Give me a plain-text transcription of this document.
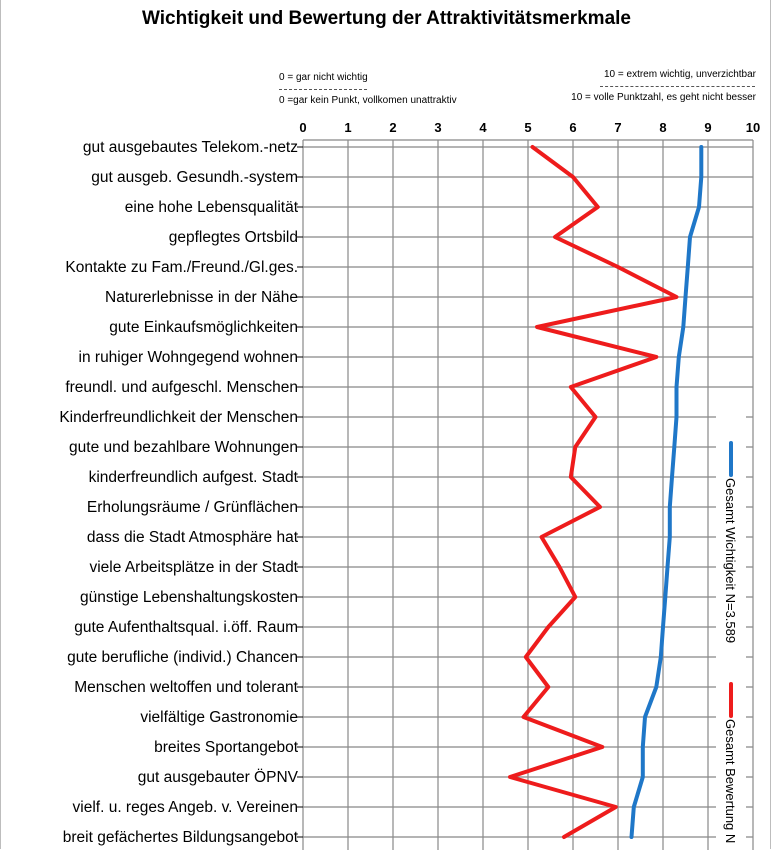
Wichtigkeit und Bewertung der Attraktivitätsmerkmale
0 = gar nicht wichtig
0 =gar kein Punkt, vollkomen unattraktiv
10 = extrem wichtig, unverzichtbar
10 = volle Punktzahl, es geht nicht besser
0	1	2	3	4	5	6	7	8	9	10
gut ausgebautes Telekom.-netz
gut ausgeb. Gesundh.-system
eine hohe Lebensqualität
gepflegtes Ortsbild
Kontakte zu Fam./Freund./Gl.ges.
Naturerlebnisse in der Nähe
gute Einkaufsmöglichkeiten
in ruhiger Wohngegend wohnen
freundl. und aufgeschl. Menschen
Kinderfreundlichkeit der Menschen
gute und bezahlbare Wohnungen
kinderfreundlich aufgest. Stadt
Erholungsräume / Grünflächen
dass die Stadt Atmosphäre hat
viele Arbeitsplätze in der Stadt
günstige Lebenshaltungskosten
gute Aufenthaltsqual. i.öff. Raum
gute berufliche (individ.) Chancen
Menschen weltoffen und tolerant
vielfältige Gastronomie
breites Sportangebot
gut ausgebauter ÖPNV
vielf. u. reges Angeb. v. Vereinen
breit gefächertes Bildungsangebot
Gesamt Wichtigkeit N=3.589
Gesamt Bewertung N
